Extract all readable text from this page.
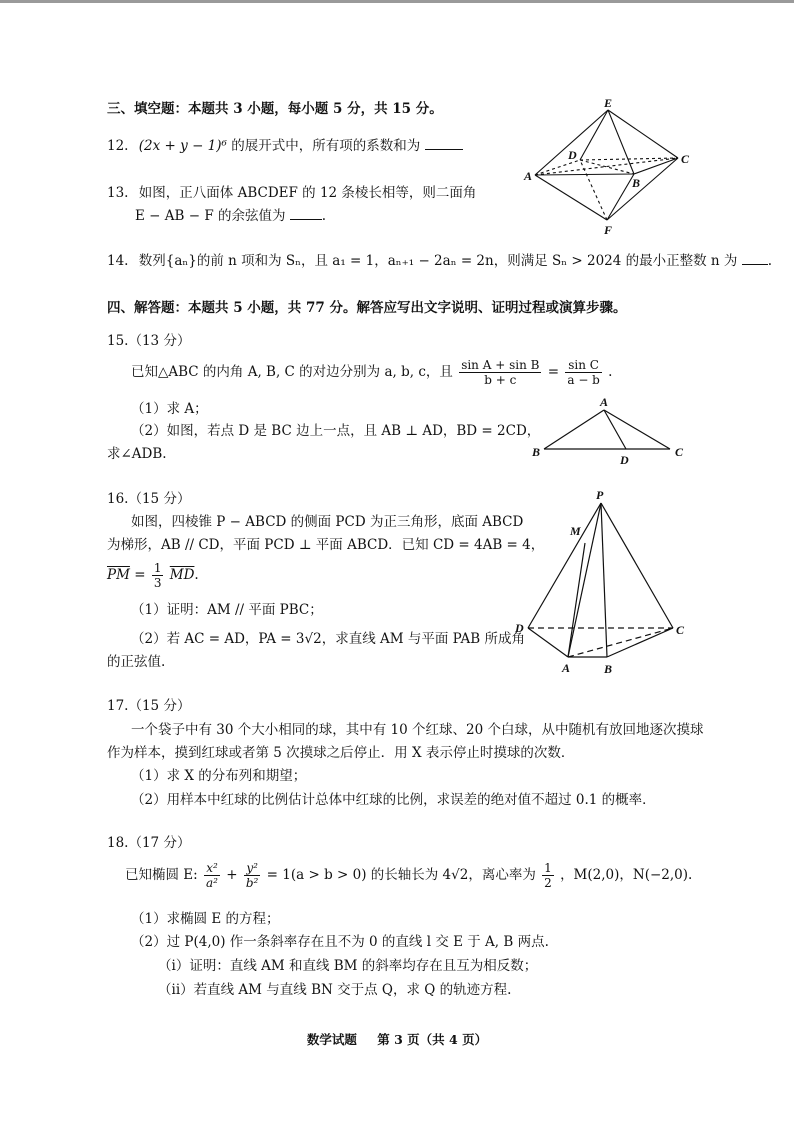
三、填空题：本题共 3 小题，每小题 5 分，共 15 分。
12. (2x + y − 1)⁶ 的展开式中，所有项的系数和为
13. 如图，正八面体 ABCDEF 的 12 条棱长相等，则二面角
E − AB − F 的余弦值为	.
E
D	C
A	B
F
14. 数列{aₙ}的前 n 项和为 Sₙ，且 a₁ = 1，aₙ₊₁ − 2aₙ = 2n，则满足 Sₙ > 2024 的最小正整数 n 为 .
四、解答题：本题共 5 小题，共 77 分。解答应写出文字说明、证明过程或演算步骤。
15.（13 分）
已知△ABC 的内角 A, B, C 的对边分别为 a, b, c，且 $\frac{\text{sin A + sin B}}{b + c} = \frac{\text{sin C}}{a - b}$ .
（1）求 A；
（2）如图，若点 D 是 BC 边上一点，且 AB ⊥ AD，BD = 2CD，
求∠ADB.
A
B
D
C
16.（15 分）
如图，四棱锥 P − ABCD 的侧面 PCD 为正三角形，底面 ABCD
为梯形，AB // CD，平面 PCD ⊥ 平面 ABCD．已知 CD = 4AB = 4，
$\overline{PM} = \frac{1}{3} \overline{MD}$.
（1）证明：AM // 平面 PBC；
（2）若 AC = AD，PA = 3√2，求直线 AM 与平面 PAB 所成角
的正弦值.
P
M
D	C
A	B
17.（15 分）
一个袋子中有 30 个大小相同的球，其中有 10 个红球、20 个白球，从中随机有放回地逐次摸球
作为样本，摸到红球或者第 5 次摸球之后停止．用 X 表示停止时摸球的次数．
（1）求 X 的分布列和期望；
（2）用样本中红球的比例估计总体中红球的比例，求误差的绝对值不超过 0.1 的概率．
18.（17 分）
已知椭圆 E: $\frac{\text{x²}}{\text{a²}} + \frac{\text{y²}}{\text{b²}} = 1(a > b > 0)$ 的长轴长为 4√2，离心率为 $\frac{1}{2}$ ，M(2,0)，N(−2,0).
（1）求椭圆 E 的方程；
（2）过 P(4,0) 作一条斜率存在且不为 0 的直线 l 交 E 于 A, B 两点.
（i）证明：直线 AM 和直线 BM 的斜率均存在且互为相反数；
（ii）若直线 AM 与直线 BN 交于点 Q，求 Q 的轨迹方程.
数学试题 第 3 页（共 4 页）
